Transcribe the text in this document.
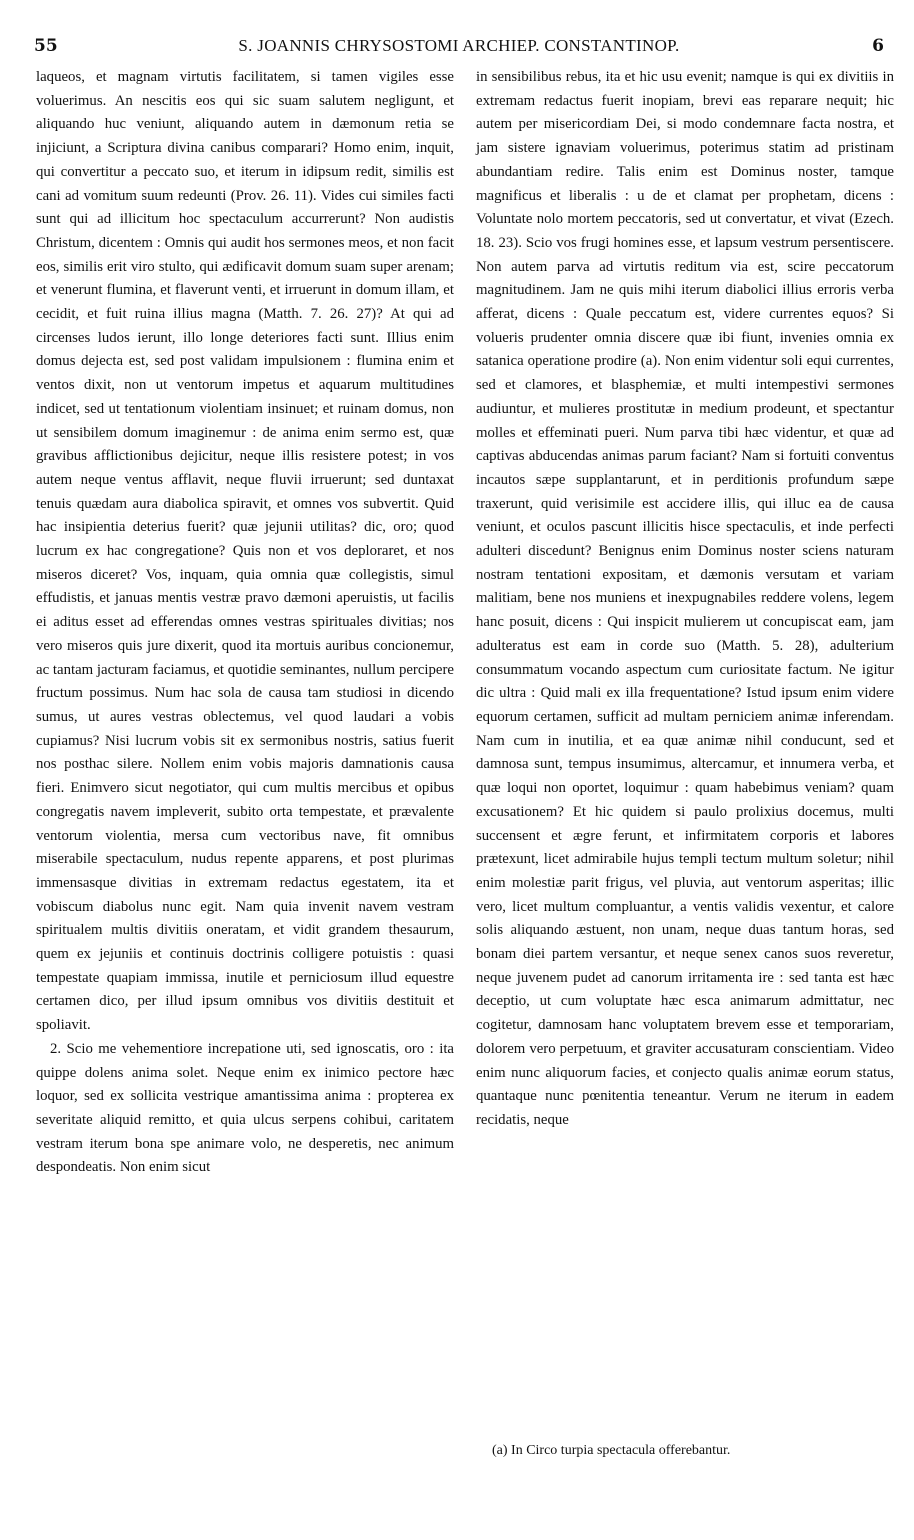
55	S. JOANNIS CHRYSOSTOMI ARCHIEP. CONSTANTINOP.	6

laqueos, et magnam virtutis facilitatem, si tamen vigiles esse voluerimus. An nescitis eos qui sic suam salutem negligunt, et aliquando huc veniunt, aliquando autem in dæmonum retia se injiciunt, a Scriptura divina canibus comparari? Homo enim, inquit, qui convertitur a peccato suo, et iterum in idipsum redit, similis est cani ad vomitum suum redeunti (Prov. 26. 11). Vides cui similes facti sunt qui ad illicitum hoc spectaculum accurrerunt? Non audistis Christum, dicentem : Omnis qui audit hos sermones meos, et non facit eos, similis erit viro stulto, qui ædificavit domum suam super arenam; et venerunt flumina, et flaverunt venti, et irruerunt in domum illam, et cecidit, et fuit ruina illius magna (Matth. 7. 26. 27)? At qui ad circenses ludos ierunt, illo longe deteriores facti sunt. Illius enim domus dejecta est, sed post validam impulsionem : flumina enim et ventos dixit, non ut ventorum impetus et aquarum multitudines indicet, sed ut tentationum violentiam insinuet; et ruinam domus, non ut sensibilem domum imaginemur : de anima enim sermo est, quæ gravibus afflictionibus dejicitur, neque illis resistere potest; in vos autem neque ventus afflavit, neque fluvii irruerunt; sed duntaxat tenuis quædam aura diabolica spiravit, et omnes vos subvertit. Quid hac insipientia deterius fuerit? quæ jejunii utilitas? dic, oro; quod lucrum ex hac congregatione? Quis non et vos deploraret, et nos miseros diceret? Vos, inquam, quia omnia quæ collegistis, simul effudistis, et januas mentis vestræ pravo dæmoni aperuistis, ut facilis ei aditus esset ad efferendas omnes vestras spirituales divitias; nos vero miseros quis jure dixerit, quod ita mortuis auribus concionemur, ac tantam jacturam faciamus, et quotidie seminantes, nullum percipere fructum possimus. Num hac sola de causa tam studiosi in dicendo sumus, ut aures vestras oblectemus, vel quod laudari a vobis cupiamus? Nisi lucrum vobis sit ex sermonibus nostris, satius fuerit nos posthac silere. Nollem enim vobis majoris damnationis causa fieri. Enimvero sicut negotiator, qui cum multis mercibus et opibus congregatis navem impleverit, subito orta tempestate, et prævalente ventorum violentia, mersa cum vectoribus nave, fit omnibus miserabile spectaculum, nudus repente apparens, et post plurimas immensasque divitias in extremam redactus egestatem, ita et vobiscum diabolus nunc egit. Nam quia invenit navem vestram spiritualem multis divitiis oneratam, et vidit grandem thesaurum, quem ex jejuniis et continuis doctrinis colligere potuistis : quasi tempestate quapiam immissa, inutile et perniciosum illud equestre certamen dico, per illud ipsum omnibus vos divitiis destituit et spoliavit.

2. Scio me vehementiore increpatione uti, sed ignoscatis, oro : ita quippe dolens anima solet. Neque enim ex inimico pectore hæc loquor, sed ex sollicita vestrique amantissima anima : propterea ex severitate aliquid remitto, et quia ulcus serpens cohibui, caritatem vestram iterum bona spe animare volo, ne desperetis, nec animum despondeatis. Non enim sicut

in sensibilibus rebus, ita et hic usu evenit; namque is qui ex divitiis in extremam redactus fuerit inopiam, brevi eas reparare nequit; hic autem per misericordiam Dei, si modo condemnare facta nostra, et jam sistere ignaviam voluerimus, poterimus statim ad pristinam abundantiam redire. Talis enim est Dominus noster, tamque magnificus et liberalis : u de et clamat per prophetam, dicens : Voluntate nolo mortem peccatoris, sed ut convertatur, et vivat (Ezech. 18. 23). Scio vos frugi homines esse, et lapsum vestrum persentiscere. Non autem parva ad virtutis reditum via est, scire peccatorum magnitudinem. Jam ne quis mihi iterum diabolici illius erroris verba afferat, dicens : Quale peccatum est, videre currentes equos? Si volueris prudenter omnia discere quæ ibi fiunt, invenies omnia ex satanica operatione prodire (a). Non enim videntur soli equi currentes, sed et clamores, et blasphemiæ, et multi intempestivi sermones audiuntur, et mulieres prostitutæ in medium prodeunt, et spectantur molles et effeminati pueri. Num parva tibi hæc videntur, et quæ ad captivas abducendas animas parum faciant? Nam si fortuiti conventus incautos sæpe supplantarunt, et in perditionis profundum sæpe traxerunt, quid verisimile est accidere illis, qui illuc ea de causa veniunt, et oculos pascunt illicitis hisce spectaculis, et inde perfecti adulteri discedunt? Benignus enim Dominus noster sciens naturam nostram tentationi expositam, et dæmonis versutam et variam malitiam, bene nos muniens et inexpugnabiles reddere volens, legem hanc posuit, dicens : Qui inspicit mulierem ut concupiscat eam, jam adulteratus est eam in corde suo (Matth. 5. 28), adulterium consummatum vocando aspectum cum curiositate factum. Ne igitur dic ultra : Quid mali ex illa frequentatione? Istud ipsum enim videre equorum certamen, sufficit ad multam perniciem animæ inferendam. Nam cum in inutilia, et ea quæ animæ nihil conducunt, sed et damnosa sunt, tempus insumimus, altercamur, et innumera verba, et quæ loqui non oportet, loquimur : quam habebimus veniam? quam excusationem? Et hic quidem si paulo prolixius docemus, multi succensent et ægre ferunt, et infirmitatem corporis et labores prætexunt, licet admirabile hujus templi tectum multum soletur; nihil enim molestiæ parit frigus, vel pluvia, aut ventorum asperitas; illic vero, licet multum compluantur, a ventis validis vexentur, et calore solis aliquando æstuent, non unam, neque duas tantum horas, sed bonam diei partem versantur, et neque senex canos suos reveretur, neque juvenem pudet ad canorum irritamenta ire : sed tanta est hæc deceptio, ut cum voluptate hæc esca animarum admittatur, nec cogitetur, damnosam hanc voluptatem brevem esse et temporariam, dolorem vero perpetuum, et graviter accusaturam conscientiam. Video enim nunc aliquorum facies, et conjecto qualis animæ eorum status, quantaque nunc pœnitentia teneantur. Verum ne iterum in eadem recidatis, neque

(a) In Circo turpia spectacula offerebantur.
